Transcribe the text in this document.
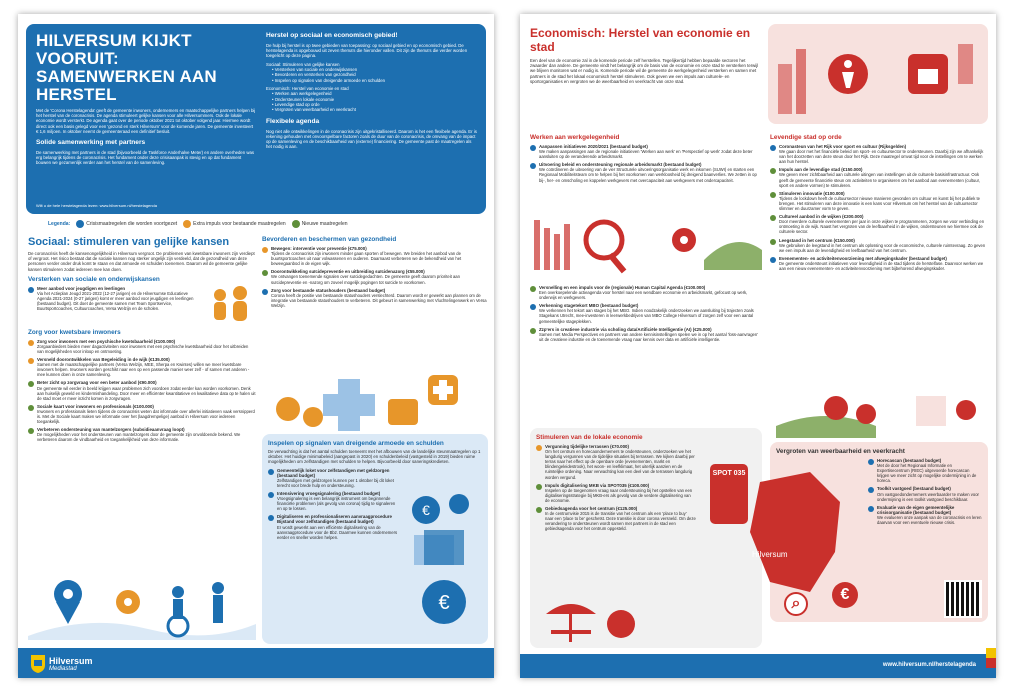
HILVERSUM KIJKT VOORUIT: SAMENWERKEN AAN HERSTEL

Met de 'Corona Herstelagenda' geeft de gemeente inwoners, ondernemers en maatschappelijke partners helpen bij het herstel van de coronacrisis. De agenda stimuleert gelijke kansen voor alle Hilversummers. Ook de lokale economie wordt versterkt. De agenda gaat over de periode oktober 2021 tot oktober volgend jaar. Hiermee wordt direct ook een basis gelegd voor een 'gezond en sterk Hilversum' voor de komende jaren. De gemeente investeert € 1,6 miljoen. In oktober neemt de gemeenteraad een definitief besluit.

Solide samenwerking met partners

De samenwerking met partners in de stad (bijvoorbeeld de Taskforce Anderhalve Meter) en andere overheden was erg belangrijk tijdens de coronacrisis. Het fundament onder deze crisisaanpak is stevig en op dat fundament bouwen we gezamenlijk verder aan het herstel van de samenleving.

Herstel op sociaal en economisch gebied!

De hulp bij herstel is op twee gebieden van toepassing: op sociaal gebied en op economisch gebied. De herstelagenda is opgebouwd uit zeven thema's die hieronder vallen. Dit zijn de thema's die verder worden toegelicht op deze pagina.

Sociaal: Stimuleren van gelijke kansen

• Versterken van sociale en onderwijskansen
• Bevorderen en versterken van gezondheid
• Inspelen op signalen van dreigende armoede en schulden

Economisch: Herstel van economie en stad

• Werken aan werkgelegenheid
• Ondersteunen lokale economie
• Levendige stad op orde
• Vergroten van weerbaarheid en veerkracht
Flexibele agenda

Nog niet alle ontwikkelingen in de coronacrisis zijn uitgekristalliseerd. Daarom is het een flexibele agenda. Er is rekening gehouden met onvoorspelbare factoren zoals de duur van de coronacrisis, de omvang van de impact op de samenleving en de beschikbaarheid van (externe) financiering. De gemeente past de maatregelen als het nodig is aan.

Wilt u de hele herstelagenda lezen: www.hilversum.nl/herstelagenda
Legenda:	Crisismaatregelen die worden voortgezet	Extra impuls voor bestaande maatregelen	Nieuwe maatregelen
Sociaal: stimuleren van gelijke kansen

De coronacrisis heeft de kansenongelijkheid in Hilversum vergroot. De problemen van kwetsbare inwoners zijn verdiept of vergroot. Het risico bestaat dat de sociale kansen nog sterker ongelijk zijn verdeeld, dat de gezondheid van deze personen verder onder druk komt te staan en dat armoede en schulden toenemen. Daarom wil de gemeente gelijke kansen stimuleren zodat iedereen mee kan doen.

Versterken van sociale en onderwijskansen
Meer aanbod voor jeugdigen en leerlingen
Via het Actieplan Jeugd 2021-2022 (12-27 jarigen) en de Hilversumse Educatieve Agenda 2021-2024 (0-27 jarigen) komt er meer aanbod voor jeugdigen en leerlingen (bestaand budget). Dit doet de gemeente samen met Team Sportservice, Buurtsportcoaches, Cultuurcoaches, Versa Welzijn en de scholen.
Zorg voor kwetsbare inwoners
Zorg voor inwoners met een psychische kwetsbaarheid (€100.000)
Zorgaanbieders bieden meer dagactiviteiten voor inwoners met een psychische kwetsbaarheid door het uitbreiden van mogelijkheden voor inloop en ontmoeting.
Versneld doorontwikkelen van Begeleiding in de wijk (€135.000)
Samen met de maatschappelijke partners (Versa Welzijn, MEE, Sherpa en Kwintes) willen we meer kwetsbare inwoners helpen. Inwoners worden geschikt naar een op een passende manier weer zelf - of samen met anderen - mee kunnen doen in onze samenleving.
Beter zicht op zorgvraag voor een beter aanbod (€90.000)
De gemeente wil eerder in beeld krijgen waar problemen zich voordoen zodat eerder kan worden voorkomen. Denk aan huiselijk geweld en kindermishandeling. Door meer en efficiënter kwantitatieve en kwalitatieve data op te halen uit de stad moet er meer inzicht komen in zorgvragen.
Sociale kaart voor inwoners en professionals (€100.000)
Inwoners en professionals lieten tijdens de coronacrisis weten dat informatie over allerlei initiatieven vaak versnipperd is. Met de Sociale kaart maken we informatie over het (laagdrempelige) aanbod in Hilversum voor iedereen toegankelijk.
Verbeteren ondersteuning van mantelzorgers (subsidieaanvraag loopt)
De mogelijkheden voor het ondersteunen van mantelzorgers door de gemeente zijn onvoldoende bekend. We verbeteren daarom de vindbaarheid en toegankelijkheid van deze informatie.
Bevorderen en beschermen van gezondheid
Bewegen: interventie voor preventie (€75.000)
Tijdens de coronacrisis zijn inwoners minder gaan sporten of bewegen. We breiden het aanbod van de buurtsportcoaches uit naar volwassenen en ouderen. Daarnaast verbeteren we de bekendheid van het beweegaanbod in de eigen wijk.
Doorontwikkeling suïcidepreventie en uitbreiding suïcidenazorg (€55.000)
We ontvangen toenemende signalen over suïcidegedachten. De gemeente geeft daarom prioriteit aan suïcidepreventie en -nazorg om zoveel mogelijk pogingen tot suïcide te voorkomen.
Zorg voor bestaande statushouders (bestaand budget)
Corona heeft de positie van bestaande statushouders verslechterd. Daarom wordt er gewerkt aan plannen om de integratie van bestaande statushouders te verbeteren. Dit gebeurt in samenwerking met Vluchtelingenwerk en Versa Welzijn.
Inspelen op signalen van dreigende armoede en schulden

De verwachting is dat het aantal schulden toeneemt met het afbouwen van de landelijke steunmaatregelen op 1 oktober. Het huidige minimabeleid (aangepast in 2020) en schuldenbeleid (vastgesteld in 2019) bieden ruime mogelijkheden om zelfstandigen met schulden te helpen. Bijvoorbeeld door saneringskredieten.

Gemeentelijk loket voor zelfstandigen met geldzorgen (bestaand budget)
Zelfstandigen met geldzorgen kunnen per 1 oktober bij dit loket terecht voor brede hulp en ondersteuning.
Intensivering vroegsignalering (bestaand budget)
Vroegsignalering is een belangrijk instrument om beginnende financiële problemen (als gevolg van corona) tijdig te signaleren en op te lossen.
Digitaliseren en professionaliseren aanvraagprocedure Bijstand voor zelfstandigen (bestaand budget)
Er wordt gewerkt aan een efficiënte digitalisering van de aanvraagprocedure voor de Bbz. Daarmee kunnen ondernemers eerder en sneller worden helpen.
€
€
Hilversum
Mediastad
Economisch: Herstel van economie en stad

Een deel van de economie zal in de komende periode zelf herstellen. Tegelijkertijd hebben bepaalde sectoren het zwaarder dan andere. De gemeente vindt het belangrijk om de basis van de economie en onze stad te versterken terwijl we blijven monitoren wat er nodig is. Komende periode wil de gemeente de werkgelegenheid versterken en samen met partners in de stad het lokaal economisch herstel stimuleren. Ook geven we een impuls aan culturele- en sportorganisaties en vergroten we de weerbaarheid en veerkracht van onze stad.

Werken aan werkgelegenheid
Aanpassen initiatieven 2020/2021 (bestaand budget)
We maken aanpassingen aan de regionale initiatieven 'Werken aan werk' en 'Perspectief op werk' zodat deze beter aansluiten op de veranderende arbeidsmarkt.
Uitvoering beleid en ondersteuning regionale arbeidsmarkt (bestaand budget)
We coördineren de uitvoering van de vier Structurele uitvoeringsorganisatie werk en inkomen (SUWI) en starten een Regionaal Mobiliteitsteam om te helpen bij het voorkomen van werkloosheid bij dreigend baanverlies. We zetten in op bij-, her- en omscholing en koppelen werkgevers met overcapaciteit aan werkgevers met ondercapaciteit.
Versnelling en een impuls voor de (regionale) Human Capital Agenda (€100.000)
Een overkoepelende actieagenda voor herstel naar een wendbare economie en arbeidsmarkt, gefocust op werk, onderwijs en werkgevers.
Verkenning stagetekort MBO (bestaand budget)
We verkennen het tekort aan stages bij het MBO. Indien noodzakelijk onderzoeken we aansluiting bij trajecten zoals Stagekans Utrecht, mee-investeren in leerwerkbedrijven van MBO College Hilversum of zorgen zelf voor een aantal gemeentelijke stageplekken.
Zzp'ers in creatieve industrie via scholing data/Artificiële Intelligentie (AI) (€25.000)
Samen met Media Perspectives en partners van andere kennisinstellingen spelen we in op het aantal 'loss-aanvragen' uit de creatieve industrie en de toenemende vraag naar kennis over data en artificiële intelligentie.
Stimuleren van de lokale economie
Vergunning tijdelijke terrassen (€70.000)
Om het centrum en horecaondernemers te ondersteunen, onderzoeken we het langdurig vergunnen van de tijdelijke situaties bij terrassen. We kijken daarbij per terras naar het effect op de openbare orde (evenementen, markt en blindengeleidestrook), het woon- en leefklimaat, het uiterlijk aanzien en de ruimtelijke ordening. Naar verwachting kan een deel van de terrassen langdurig worden vergund.
Impuls digitalisering MKB via SPOT035 (€100.000)
Inspelen op de toegenomen vraag naar ondersteuning bij het opstellen van een digitaliseringsstrategie bij MKB-ers als gevolg van de verdere digitalisering van de economie.
Gebiedsagenda voor het centrum (€125.000)
In de centrumvisie 2015 is de transitie van het centrum als een 'place to buy' naar een 'place to be' geschetst. Deze transitie is door corona versneld. Om deze verandering te ondersteunen wordt samen met partners in de stad een gebiedsagenda voor het centrum opgesteld.
SPOT 035
Levendige stad op orde
Coronasteun van het Rijk voor sport en cultuur (Rijksgelden)
We gaan door met het financiële beleid om sport- en cultuursector te ondersteunen. Daarbij zijn we afhankelijk van het doorzetten van deze steun door het Rijk. Deze maatregel omvat tijd voor de instellingen om te werken aan hun herstel.
Impuls aan de levendige stad (€150.000)
We geven meer zichtbaarheid aan culturele uitingen van instellingen uit de culturele basisinfrastructuur. Ook geeft de gemeente financiële steun om activiteiten te organiseren om het aanbod aan evenementen (cultuur, sport en andere vormen) te stimuleren.
Stimuleren innovatie (€100.000)
Tijdens de lockdown heeft de cultuursector nieuwe manieren gevonden om cultuur en kunst bij het publiek te brengen. Het stimuleren van deze innovatie is een kans voor Hilversum om het herstel van de cultuursector slimmer en duurzamer vorm te geven.
Cultureel aanbod in de wijken (€200.000)
Door meerdere culturele evenementen per jaar in onze wijken te programmeren, zorgen we voor verbinding en ontmoeting in de wijk. Naast het vergroten van de leefbaarheid in de wijken, ondersteunen we hiermee ook de culturele sector.
Leegstand in het centrum (€150.000)
We gebruiken de leegstand in het centrum als oplossing voor de economische, culturele ruimtevraag. Zo geven we een impuls aan de levendigheid en leefbaarheid van het centrum.
Evenementen- en activiteitenvoorziening met afwegingskader (bestaand budget)
De gemeente ondersteunt initiatieven voor levendigheid in de stad tijdens de herstelfase. Daarvoor werken we aan een nieuw evenementen- en activiteitenvoorziening met bijbehorend afwegingskader.
Vergroten van weerbaarheid en veerkracht
Horecascan (bestaand budget)
Met de door het Regionaal Informatie en Expertisecentrum (RIEC) uitgevoerde horecascan krijgen we meer zicht op mogelijke ondermijning in de horeca.
Toolkit vastgoed (bestaand budget)
Om vastgoedondernemers weerbaarder te maken voor ondermijning is een toolkit vastgoed beschikbaar.
Evaluatie van de eigen gemeentelijke crisisorganisatie (bestaand budget)
We evalueren onze aanpak van de coronacrisis en leren daarvan voor een eventuele nieuwe crisis.
Hilversum
⌕
€
www.hilversum.nl/herstelagenda
